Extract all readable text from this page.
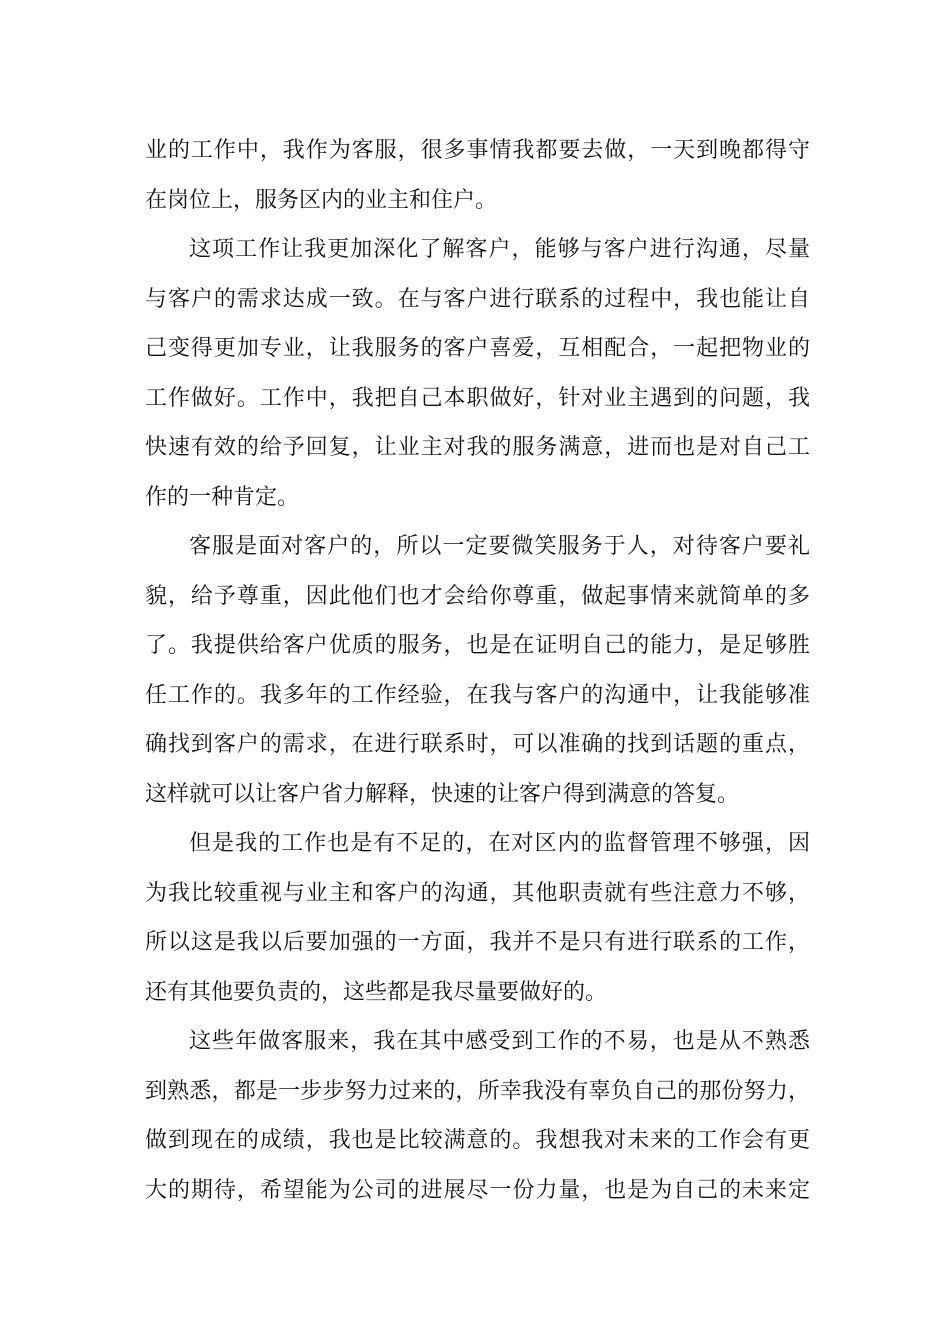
业的工作中，我作为客服，很多事情我都要去做，一天到晚都得守
在岗位上，服务区内的业主和住户。
这项工作让我更加深化了解客户，能够与客户进行沟通，尽量
与客户的需求达成一致。在与客户进行联系的过程中，我也能让自
己变得更加专业，让我服务的客户喜爱，互相配合，一起把物业的
工作做好。工作中，我把自己本职做好，针对业主遇到的问题，我
快速有效的给予回复，让业主对我的服务满意，进而也是对自己工
作的一种肯定。
客服是面对客户的，所以一定要微笑服务于人，对待客户要礼
貌，给予尊重，因此他们也才会给你尊重，做起事情来就简单的多
了。我提供给客户优质的服务，也是在证明自己的能力，是足够胜
任工作的。我多年的工作经验，在我与客户的沟通中，让我能够准
确找到客户的需求，在进行联系时，可以准确的找到话题的重点，
这样就可以让客户省力解释，快速的让客户得到满意的答复。
但是我的工作也是有不足的，在对区内的监督管理不够强，因
为我比较重视与业主和客户的沟通，其他职责就有些注意力不够，
所以这是我以后要加强的一方面，我并不是只有进行联系的工作，
还有其他要负责的，这些都是我尽量要做好的。
这些年做客服来，我在其中感受到工作的不易，也是从不熟悉
到熟悉，都是一步步努力过来的，所幸我没有辜负自己的那份努力，
做到现在的成绩，我也是比较满意的。我想我对未来的工作会有更
大的期待，希望能为公司的进展尽一份力量，也是为自己的未来定
